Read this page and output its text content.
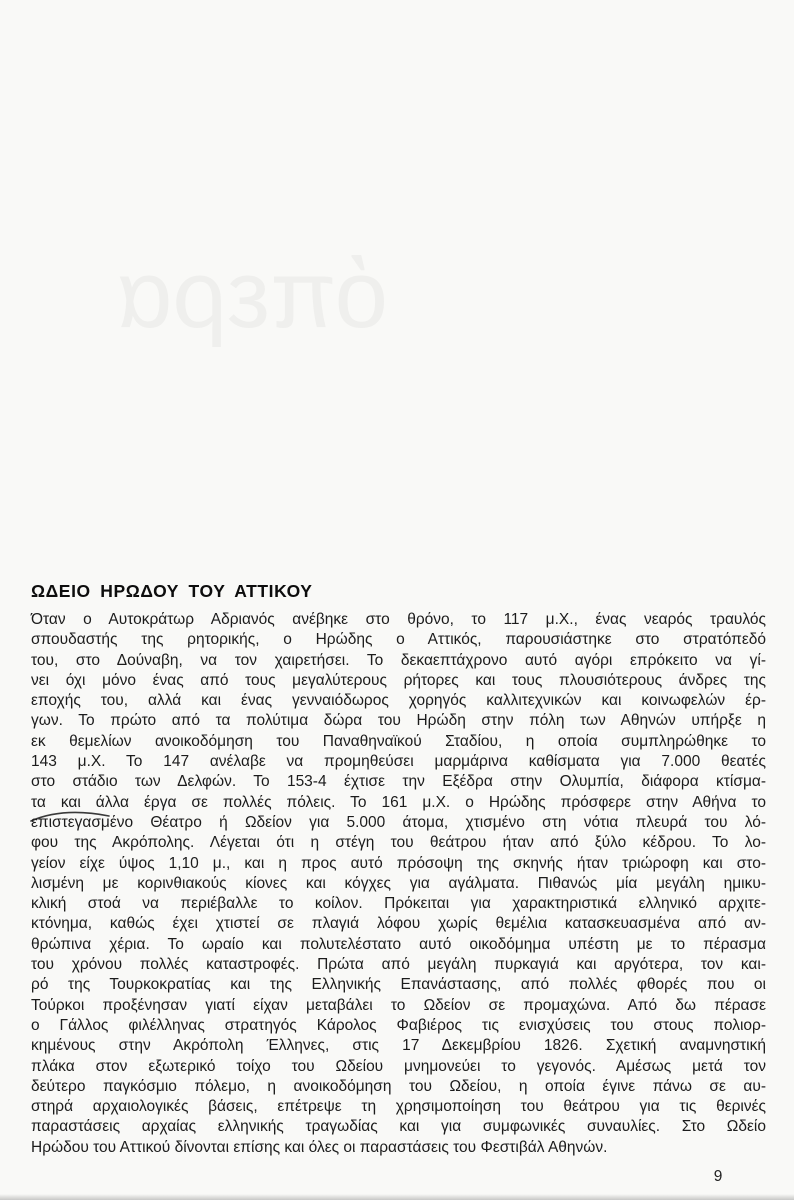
όπερα
ΩΔΕΙΟ ΗΡΩΔΟΥ ΤΟΥ ΑΤΤΙΚΟΥ
Όταν ο Αυτοκράτωρ Αδριανός ανέβηκε στο θρόνο, το 117 μ.Χ., ένας νεαρός τραυλός
σπουδαστής της ρητορικής, ο Ηρώδης ο Αττικός, παρουσιάστηκε στο στρατόπεδό
του, στο Δούναβη, να τον χαιρετήσει. Το δεκαεπτάχρονο αυτό αγόρι επρόκειτο να γί-
νει όχι μόνο ένας από τους μεγαλύτερους ρήτορες και τους πλουσιότερους άνδρες της
εποχής του, αλλά και ένας γενναιόδωρος χορηγός καλλιτεχνικών και κοινωφελών έρ-
γων. Το πρώτο από τα πολύτιμα δώρα του Ηρώδη στην πόλη των Αθηνών υπήρξε η
εκ θεμελίων ανοικοδόμηση του Παναθηναϊκού Σταδίου, η οποία συμπληρώθηκε το
143 μ.Χ. Το 147 ανέλαβε να προμηθεύσει μαρμάρινα καθίσματα για 7.000 θεατές
στο στάδιο των Δελφών. Το 153-4 έχτισε την Εξέδρα στην Ολυμπία, διάφορα κτίσμα-
τα και άλλα έργα σε πολλές πόλεις. Το 161 μ.Χ. ο Ηρώδης πρόσφερε στην Αθήνα το
επιστεγασμένο Θέατρο ή Ωδείον για 5.000 άτομα, χτισμένο στη νότια πλευρά του λό-
φου της Ακρόπολης. Λέγεται ότι η στέγη του θεάτρου ήταν από ξύλο κέδρου. Το λο-
γείον είχε ύψος 1,10 μ., και η προς αυτό πρόσοψη της σκηνής ήταν τριώροφη και στο-
λισμένη με κορινθιακούς κίονες και κόγχες για αγάλματα. Πιθανώς μία μεγάλη ημικυ-
κλική στοά να περιέβαλλε το κοίλον. Πρόκειται για χαρακτηριστικά ελληνικό αρχιτε-
κτόνημα, καθώς έχει χτιστεί σε πλαγιά λόφου χωρίς θεμέλια κατασκευασμένα από αν-
θρώπινα χέρια. Το ωραίο και πολυτελέστατο αυτό οικοδόμημα υπέστη με το πέρασμα
του χρόνου πολλές καταστροφές. Πρώτα από μεγάλη πυρκαγιά και αργότερα, τον και-
ρό της Τουρκοκρατίας και της Ελληνικής Επανάστασης, από πολλές φθορές που οι
Τούρκοι προξένησαν γιατί είχαν μεταβάλει το Ωδείον σε προμαχώνα. Από δω πέρασε
ο Γάλλος φιλέλληνας στρατηγός Κάρολος Φαβιέρος τις ενισχύσεις του στους πολιορ-
κημένους στην Ακρόπολη Έλληνες, στις 17 Δεκεμβρίου 1826. Σχετική αναμνηστική
πλάκα στον εξωτερικό τοίχο του Ωδείου μνημονεύει το γεγονός. Αμέσως μετά τον
δεύτερο παγκόσμιο πόλεμο, η ανοικοδόμηση του Ωδείου, η οποία έγινε πάνω σε αυ-
στηρά αρχαιολογικές βάσεις, επέτρεψε τη χρησιμοποίηση του θεάτρου για τις θερινές
παραστάσεις αρχαίας ελληνικής τραγωδίας και για συμφωνικές συναυλίες. Στο Ωδείο
Ηρώδου του Αττικού δίνονται επίσης και όλες οι παραστάσεις του Φεστιβάλ Αθηνών.
9
